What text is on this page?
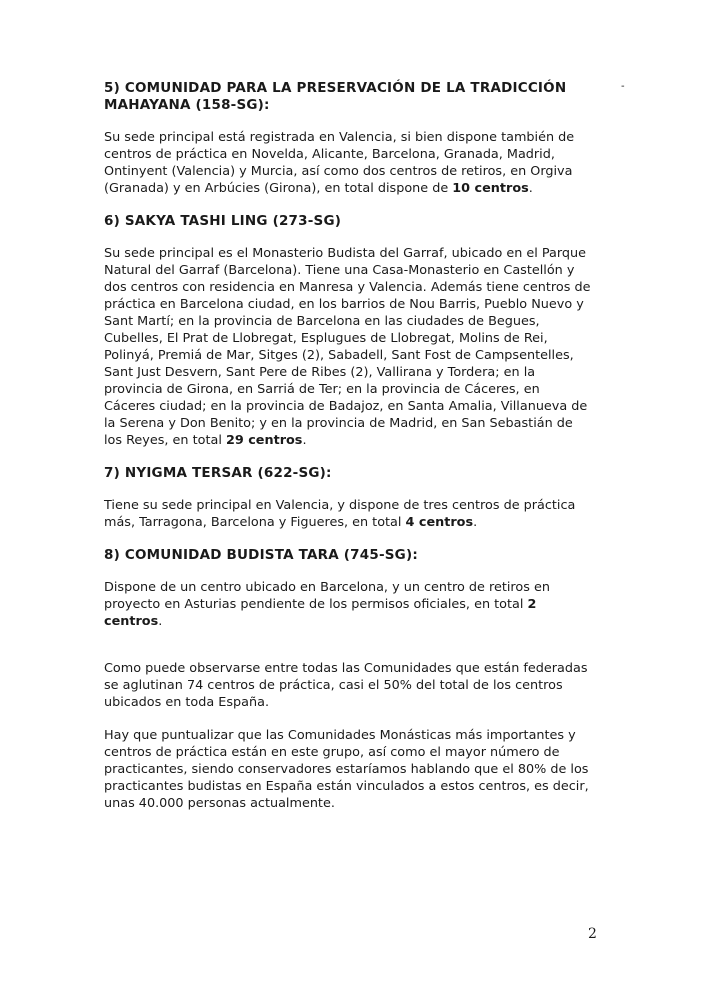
-
5) COMUNIDAD PARA LA PRESERVACIÓN DE LA TRADICCIÓN MAHAYANA (158-SG):

Su sede principal está registrada en Valencia, si bien dispone también de centros de práctica en Novelda, Alicante, Barcelona, Granada, Madrid, Ontinyent (Valencia) y Murcia, así como dos centros de retiros, en Orgiva (Granada) y en Arbúcies (Girona), en total dispone de 10 centros.

6) SAKYA TASHI LING (273-SG)

Su sede principal es el Monasterio Budista del Garraf, ubicado en el Parque Natural del Garraf (Barcelona). Tiene una Casa-Monasterio en Castellón y dos centros con residencia en Manresa y Valencia. Además tiene centros de práctica en Barcelona ciudad, en los barrios de Nou Barris, Pueblo Nuevo y Sant Martí; en la provincia de Barcelona en las ciudades de Begues, Cubelles, El Prat de Llobregat, Esplugues de Llobregat, Molins de Rei, Polinyá, Premiá de Mar, Sitges (2), Sabadell, Sant Fost de Campsentelles, Sant Just Desvern, Sant Pere de Ribes (2), Vallirana y Tordera; en la provincia de Girona, en Sarriá de Ter; en la provincia de Cáceres, en Cáceres ciudad; en la provincia de Badajoz, en Santa Amalia, Villanueva de la Serena y Don Benito; y en la provincia de Madrid, en San Sebastián de los Reyes, en total 29 centros.

7) NYIGMA TERSAR (622-SG):

Tiene su sede principal en Valencia, y dispone de tres centros de práctica más, Tarragona, Barcelona y Figueres, en total 4 centros.

8) COMUNIDAD BUDISTA TARA (745-SG):

Dispone de un centro ubicado en Barcelona, y un centro de retiros en proyecto en Asturias pendiente de los permisos oficiales, en total 2 centros.

Como puede observarse entre todas las Comunidades que están federadas se aglutinan 74 centros de práctica, casi el 50% del total de los centros ubicados en toda España.

Hay que puntualizar que las Comunidades Monásticas más importantes y centros de práctica están en este grupo, así como el mayor número de practicantes, siendo conservadores estaríamos hablando que el 80% de los practicantes budistas en España están vinculados a estos centros, es decir, unas 40.000 personas actualmente.

2
